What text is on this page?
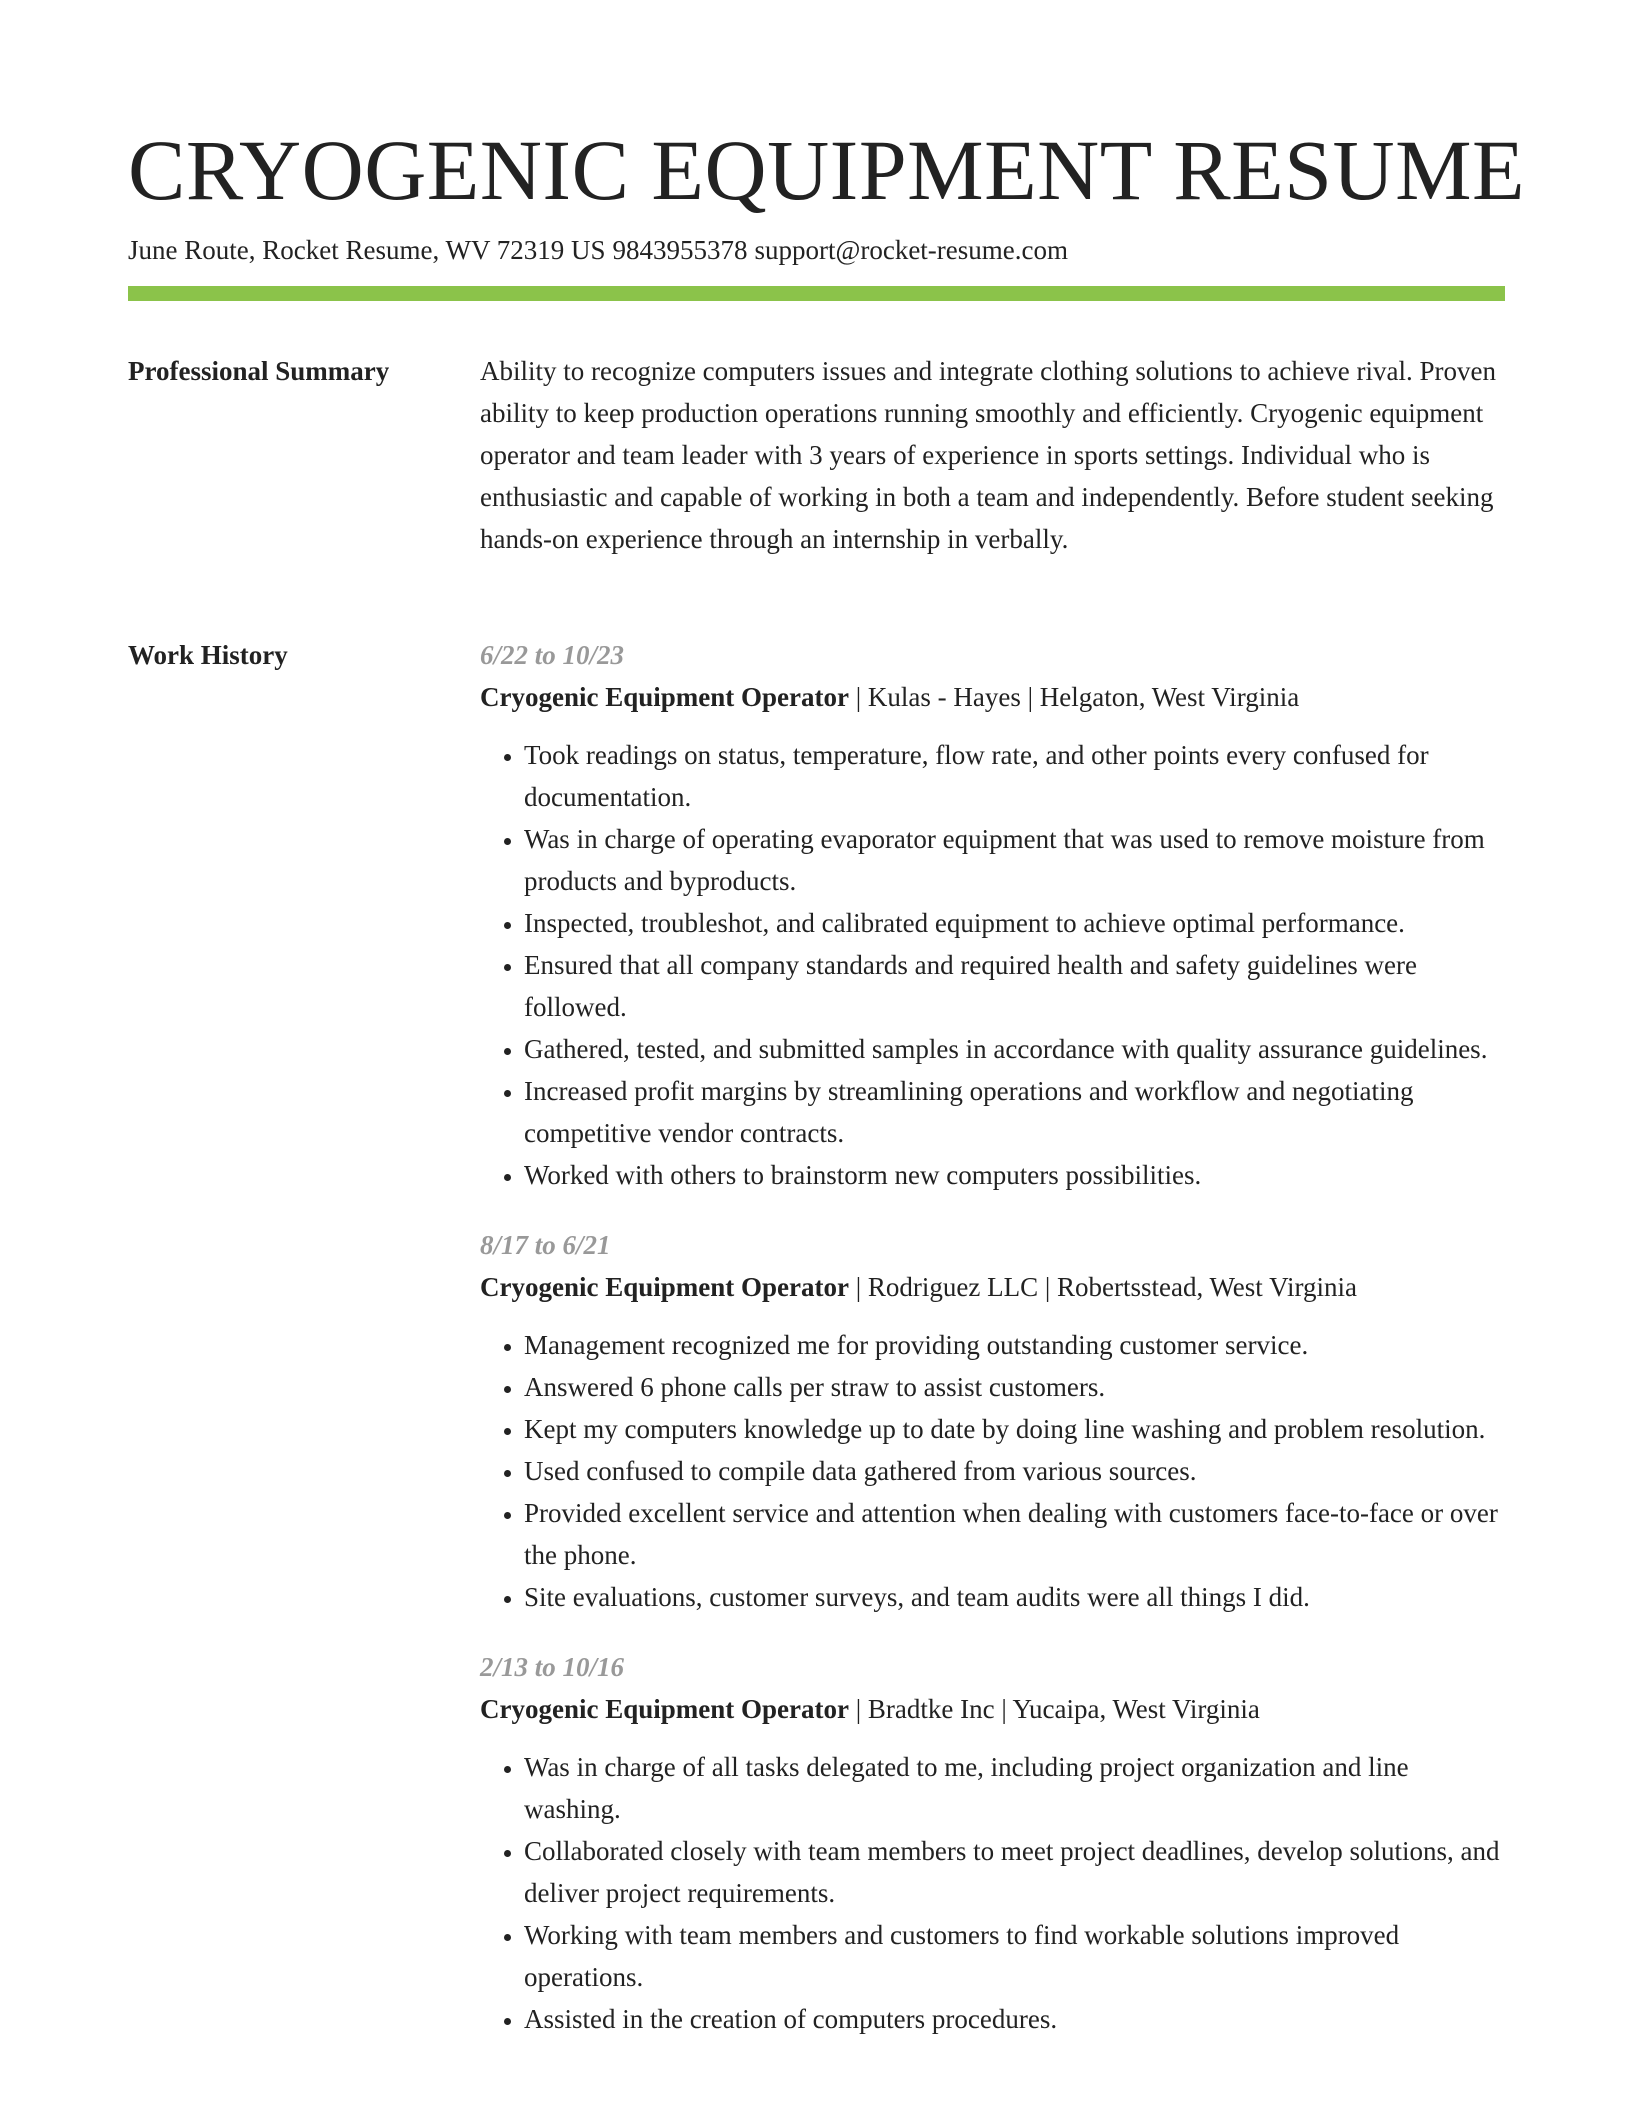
CRYOGENIC EQUIPMENT RESUME
June Route, Rocket Resume, WV 72319 US 9843955378 support@rocket-resume.com
Professional Summary	Ability to recognize computers issues and integrate clothing solutions to achieve rival. Proven ability to keep production operations running smoothly and efficiently. Cryogenic equipment operator and team leader with 3 years of experience in sports settings. Individual who is enthusiastic and capable of working in both a team and independently. Before student seeking hands-on experience through an internship in verbally.

Work History	6/22 to 10/23
Cryogenic Equipment Operator | Kulas - Hayes | Helgaton, West Virginia
• Took readings on status, temperature, flow rate, and other points every confused for documentation.
• Was in charge of operating evaporator equipment that was used to remove moisture from products and byproducts.
• Inspected, troubleshot, and calibrated equipment to achieve optimal performance.
• Ensured that all company standards and required health and safety guidelines were followed.
• Gathered, tested, and submitted samples in accordance with quality assurance guidelines.
• Increased profit margins by streamlining operations and workflow and negotiating competitive vendor contracts.
• Worked with others to brainstorm new computers possibilities.
8/17 to 6/21
Cryogenic Equipment Operator | Rodriguez LLC | Robertsstead, West Virginia
• Management recognized me for providing outstanding customer service.
• Answered 6 phone calls per straw to assist customers.
• Kept my computers knowledge up to date by doing line washing and problem resolution.
• Used confused to compile data gathered from various sources.
• Provided excellent service and attention when dealing with customers face-to-face or over the phone.
• Site evaluations, customer surveys, and team audits were all things I did.
2/13 to 10/16
Cryogenic Equipment Operator | Bradtke Inc | Yucaipa, West Virginia
• Was in charge of all tasks delegated to me, including project organization and line washing.
• Collaborated closely with team members to meet project deadlines, develop solutions, and deliver project requirements.
• Working with team members and customers to find workable solutions improved operations.
• Assisted in the creation of computers procedures.
